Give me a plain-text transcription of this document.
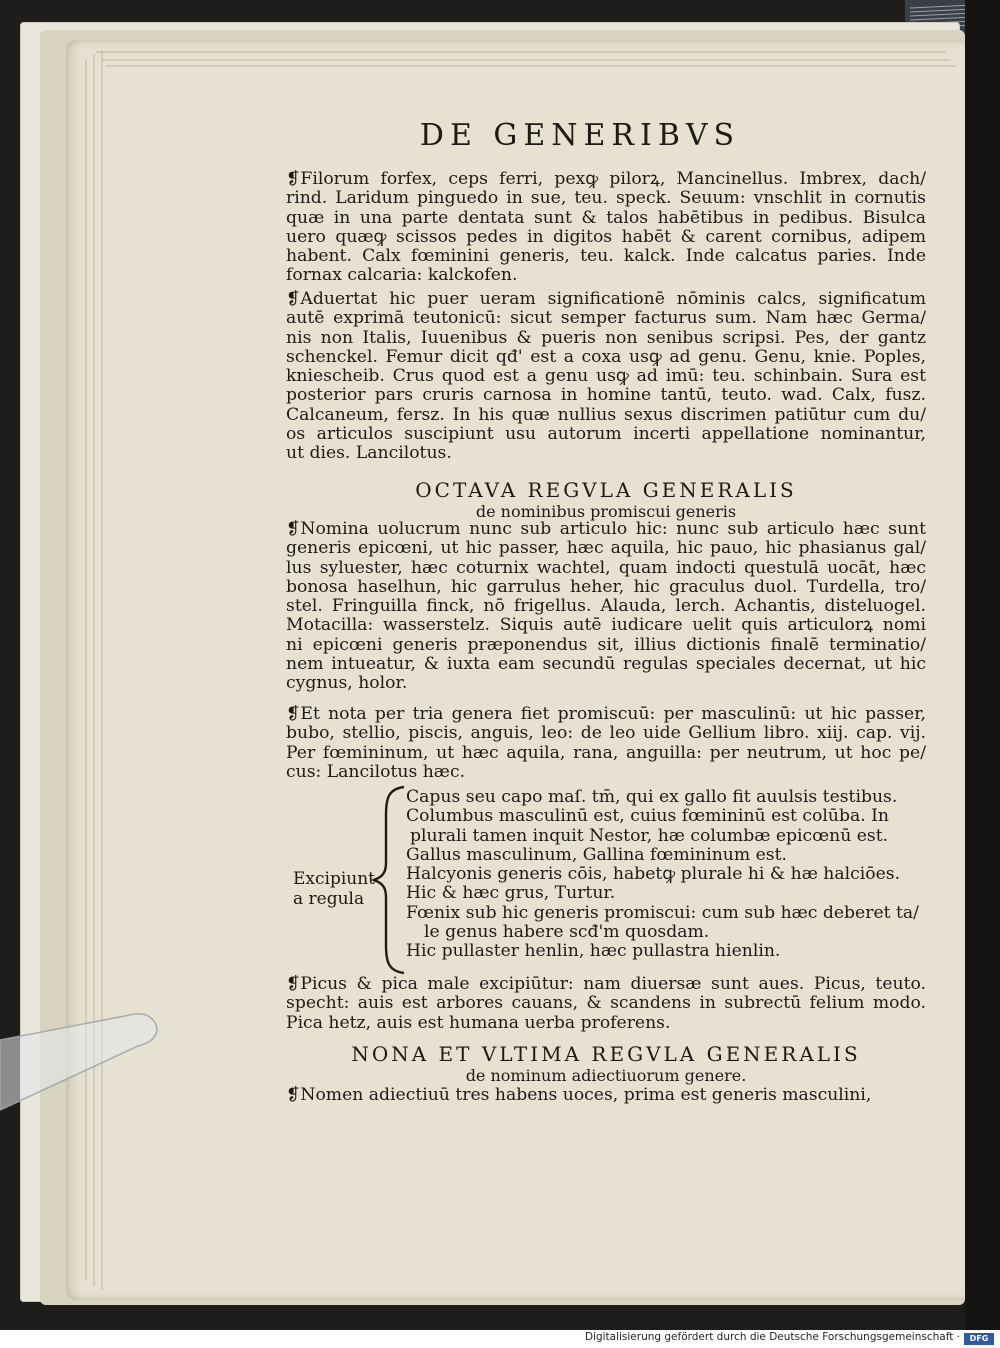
DE GENERIBVS
❡Filorum forfex, ceps ferri, pexꝙ pilorꝝ, Mancinellus. Imbrex, dach/
rind. Laridum pinguedo in sue, teu. speck. Seuum: vnschlit in cornutis
quæ in una parte dentata sunt & talos habētibus in pedibus. Bisulca
uero quæꝙ scissos pedes in digitos habēt & carent cornibus, adipem
habent. Calx fœminini generis, teu. kalck. Inde calcatus paries. Inde
fornax calcaria: kalckofen.
❡Aduertat hic puer ueram significationē nōminis calcs, significatum
autē exprimā teutonicū: sicut semper facturus sum. Nam hæc Germa/
nis non Italis, Iuuenibus & pueris non senibus scripsi. Pes, der gantz
schenckel. Femur dicit qđ' est a coxa usꝙ ad genu. Genu, knie. Poples,
kniescheib. Crus quod est a genu usꝙ ad imū: teu. schinbain. Sura est
posterior pars cruris carnosa in homine tantū, teuto. wad. Calx, fusz.
Calcaneum, fersz. In his quæ nullius sexus discrimen patiūtur cum du/
os articulos suscipiunt usu autorum incerti appellatione nominantur,
ut dies. Lancilotus.
OCTAVA REGVLA GENERALIS
de nominibus promiscui generis
❡Nomina uolucrum nunc sub articulo hic: nunc sub articulo hæc sunt
generis epicœni, ut hic passer, hæc aquila, hic pauo, hic phasianus gal/
lus syluester, hæc coturnix wachtel, quam indocti questulā uocāt, hæc
bonosa haselhun, hic garrulus heher, hic graculus duol. Turdella, tro/
stel. Fringuilla finck, nō frigellus. Alauda, lerch. Achantis, disteluogel.
Motacilla: wasserstelz. Siquis autē iudicare uelit quis articulorꝝ nomi
ni epicœni generis præponendus sit, illius dictionis finalē terminatio/
nem intueatur, & iuxta eam secundū regulas speciales decernat, ut hic
cygnus, holor.
❡Et nota per tria genera fiet promiscuū: per masculinū: ut hic passer,
bubo, stellio, piscis, anguis, leo: de leo uide Gellium libro. xiij. cap. vij.
Per fœmininum, ut hæc aquila, rana, anguilla: per neutrum, ut hoc pe/
cus: Lancilotus hæc.
Excipiunt
a regula
Capus seu capo maſ. tm̄, qui ex gallo fit auulsis testibus.
Columbus masculinū est, cuius fœmininū est colūba. In
plurali tamen inquit Nestor, hæ columbæ epicœnū est.
Gallus masculinum, Gallina fœmininum est.
Halcyonis generis cōis, habetꝙ plurale hi & hæ halciōes.
Hic & hæc grus, Turtur.
Fœnix sub hic generis promiscui: cum sub hæc deberet ta/
le genus habere scđ'm quosdam.
Hic pullaster henlin, hæc pullastra hienlin.
❡Picus & pica male excipiūtur: nam diuersæ sunt aues. Picus, teuto.
specht: auis est arbores cauans, & scandens in subrectū felium modo.
Pica hetz, auis est humana uerba proferens.
NONA ET VLTIMA REGVLA GENERALIS
de nominum adiectiuorum genere.
❡Nomen adiectiuū tres habens uoces, prima est generis masculini,
Digitalisierung gefördert durch die Deutsche Forschungsgemeinschaft ·	DFG
